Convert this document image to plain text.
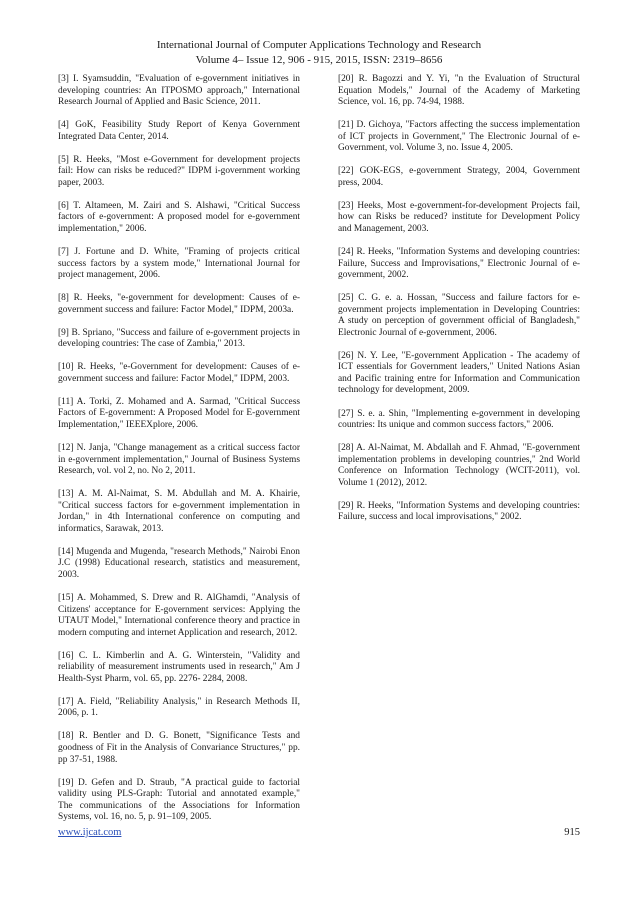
International Journal of Computer Applications Technology and Research
Volume 4– Issue 12, 906 - 915, 2015, ISSN: 2319–8656

[3] I. Syamsuddin, "Evaluation of e-government initiatives in developing countries: An ITPOSMO approach," International Research Journal of Applied and Basic Science, 2011.

[4] GoK, Feasibility Study Report of Kenya Government Integrated Data Center, 2014.

[5] R. Heeks, "Most e-Government for development projects fail: How can risks be reduced?" IDPM i-government working paper, 2003.

[6] T. Altameen, M. Zairi and S. Alshawi, "Critical Success factors of e-government: A proposed model for e-government implementation," 2006.

[7] J. Fortune and D. White, "Framing of projects critical success factors by a system mode," International Journal for project management, 2006.

[8] R. Heeks, "e-government for development: Causes of e-government success and failure: Factor Model," IDPM, 2003a.

[9] B. Spriano, "Success and failure of e-government projects in developing countries: The case of Zambia," 2013.

[10] R. Heeks, "e-Government for development: Causes of e-government success and failure: Factor Model," IDPM, 2003.

[11] A. Torki, Z. Mohamed and A. Sarmad, "Critical Success Factors of E-government: A Proposed Model for E-government Implementation," IEEEXplore, 2006.

[12] N. Janja, "Change management as a critical success factor in e-government implementation," Journal of Business Systems Research, vol. vol 2, no. No 2, 2011.

[13] A. M. Al-Naimat, S. M. Abdullah and M. A. Khairie, "Critical success factors for e-government implementation in Jordan," in 4th International conference on computing and informatics, Sarawak, 2013.

[14] Mugenda and Mugenda, "research Methods," Nairobi Enon J.C (1998) Educational research, statistics and measurement, 2003.

[15] A. Mohammed, S. Drew and R. AlGhamdi, "Analysis of Citizens' acceptance for E-government services: Applying the UTAUT Model," International conference theory and practice in modern computing and internet Application and research, 2012.

[16] C. L. Kimberlin and A. G. Winterstein, "Validity and reliability of measurement instruments used in research," Am J Health-Syst Pharm, vol. 65, pp. 2276- 2284, 2008.

[17] A. Field, "Reliability Analysis," in Research Methods II, 2006, p. 1.

[18] R. Bentler and D. G. Bonett, "Significance Tests and goodness of Fit in the Analysis of Convariance Structures," pp. pp 37-51, 1988.

[19] D. Gefen and D. Straub, "A practical guide to factorial validity using PLS-Graph: Tutorial and annotated example," The communications of the Associations for Information Systems, vol. 16, no. 5, p. 91–109, 2005.

[20] R. Bagozzi and Y. Yi, "n the Evaluation of Structural Equation Models," Journal of the Academy of Marketing Science, vol. 16, pp. 74-94, 1988.

[21] D. Gichoya, "Factors affecting the success implementation of ICT projects in Government," The Electronic Journal of e-Government, vol. Volume 3, no. Issue 4, 2005.

[22] GOK-EGS, e-government Strategy, 2004, Government press, 2004.

[23] Heeks, Most e-government-for-development Projects fail, how can Risks be reduced? institute for Development Policy and Management, 2003.

[24] R. Heeks, "Information Systems and developing countries: Failure, Success and Improvisations," Electronic Journal of e-government, 2002.

[25] C. G. e. a. Hossan, "Success and failure factors for e-government projects implementation in Developing Countries: A study on perception of government official of Bangladesh," Electronic Journal of e-government, 2006.

[26] N. Y. Lee, "E-government Application - The academy of ICT essentials for Government leaders," United Nations Asian and Pacific training entre for Information and Communication technology for development, 2009.

[27] S. e. a. Shin, "Implementing e-government in developing countries: Its unique and common success factors," 2006.

[28] A. Al-Naimat, M. Abdallah and F. Ahmad, "E-government implementation problems in developing countries," 2nd World Conference on Information Technology (WCIT-2011), vol. Volume 1 (2012), 2012.

[29] R. Heeks, "Information Systems and developing countries: Failure, success and local improvisations," 2002.

www.ijcat.com	915
